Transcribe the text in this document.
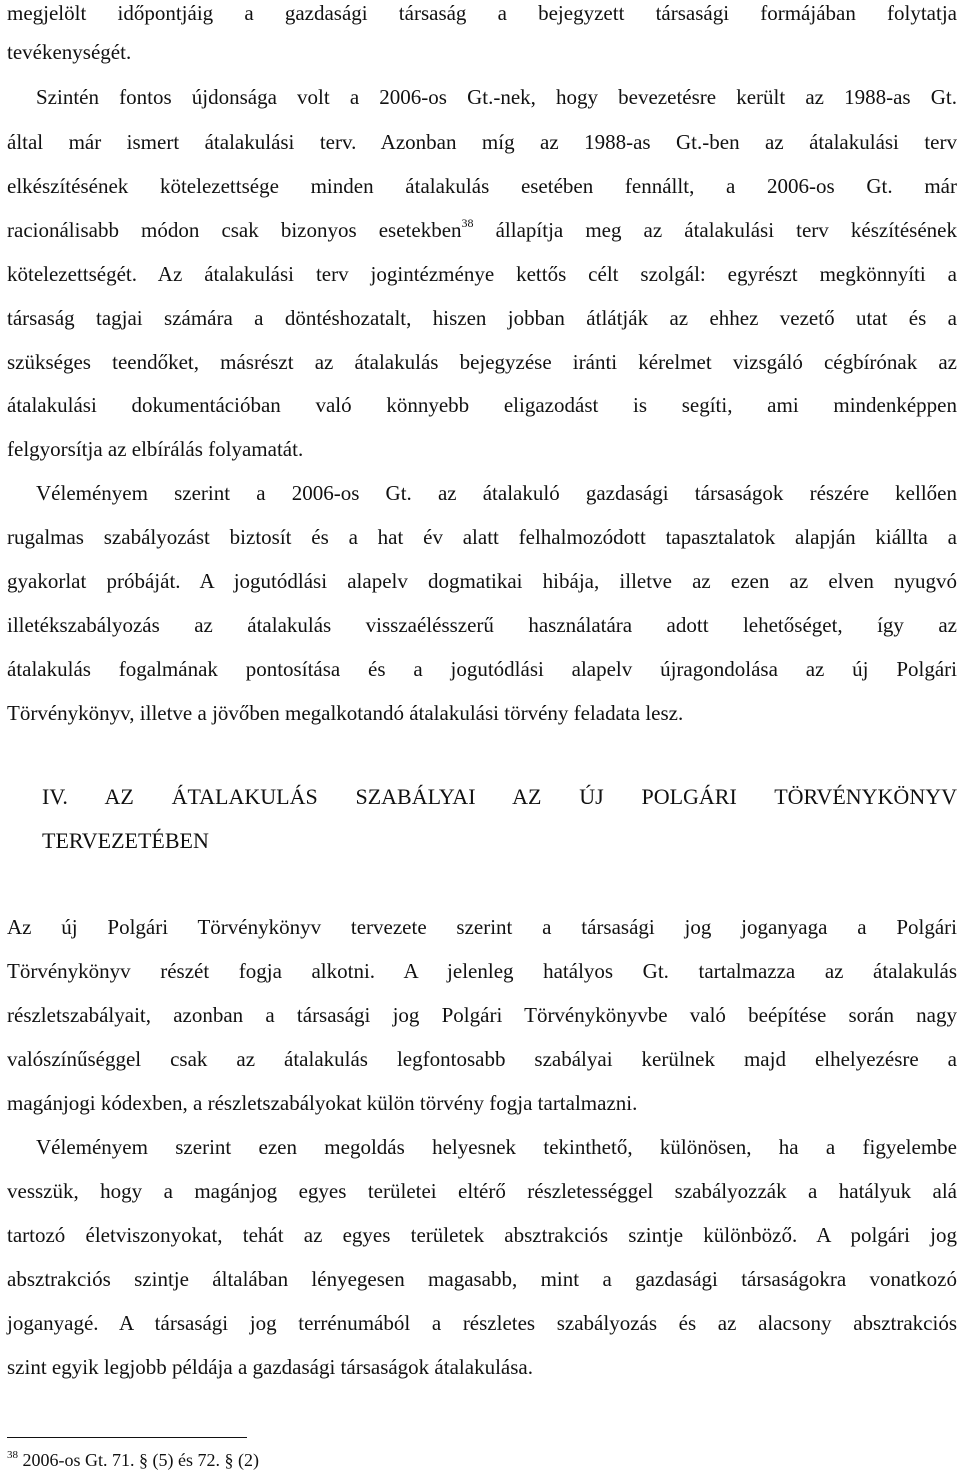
megjelölt időpontjáig a gazdasági társaság a bejegyzett társasági formájában folytatja
tevékenységét.
Szintén fontos újdonsága volt a 2006-os Gt.-nek, hogy bevezetésre került az 1988-as Gt.
által már ismert átalakulási terv. Azonban míg az 1988-as Gt.-ben az átalakulási terv
elkészítésének kötelezettsége minden átalakulás esetében fennállt, a 2006-os Gt. már
racionálisabb módon csak bizonyos esetekben$^{38}$ állapítja meg az átalakulási terv készítésének
kötelezettségét. Az átalakulási terv jogintézménye kettős célt szolgál: egyrészt megkönnyíti a
társaság tagjai számára a döntéshozatalt, hiszen jobban átlátják az ehhez vezető utat és a
szükséges teendőket, másrészt az átalakulás bejegyzése iránti kérelmet vizsgáló cégbírónak az
átalakulási dokumentációban való könnyebb eligazodást is segíti, ami mindenképpen
felgyorsítja az elbírálás folyamatát.
Véleményem szerint a 2006-os Gt. az átalakuló gazdasági társaságok részére kellően
rugalmas szabályozást biztosít és a hat év alatt felhalmozódott tapasztalatok alapján kiállta a
gyakorlat próbáját. A jogutódlási alapelv dogmatikai hibája, illetve az ezen az elven nyugvó
illetékszabályozás az átalakulás visszaélésszerű használatára adott lehetőséget, így az
átalakulás fogalmának pontosítása és a jogutódlási alapelv újragondolása az új Polgári
Törvénykönyv, illetve a jövőben megalkotandó átalakulási törvény feladata lesz.
IV. AZ ÁTALAKULÁS SZABÁLYAI AZ ÚJ POLGÁRI TÖRVÉNYKÖNYV
TERVEZETÉBEN
Az új Polgári Törvénykönyv tervezete szerint a társasági jog joganyaga a Polgári
Törvénykönyv részét fogja alkotni. A jelenleg hatályos Gt. tartalmazza az átalakulás
részletszabályait, azonban a társasági jog Polgári Törvénykönyvbe való beépítése során nagy
valószínűséggel csak az átalakulás legfontosabb szabályai kerülnek majd elhelyezésre a
magánjogi kódexben, a részletszabályokat külön törvény fogja tartalmazni.
Véleményem szerint ezen megoldás helyesnek tekinthető, különösen, ha a figyelembe
vesszük, hogy a magánjog egyes területei eltérő részletességgel szabályozzák a hatályuk alá
tartozó életviszonyokat, tehát az egyes területek absztrakciós szintje különböző. A polgári jog
absztrakciós szintje általában lényegesen magasabb, mint a gazdasági társaságokra vonatkozó
joganyagé. A társasági jog terrénumából a részletes szabályozás és az alacsony absztrakciós
szint egyik legjobb példája a gazdasági társaságok átalakulása.
$^{38}$ 2006-os Gt. 71. § (5) és 72. § (2)
